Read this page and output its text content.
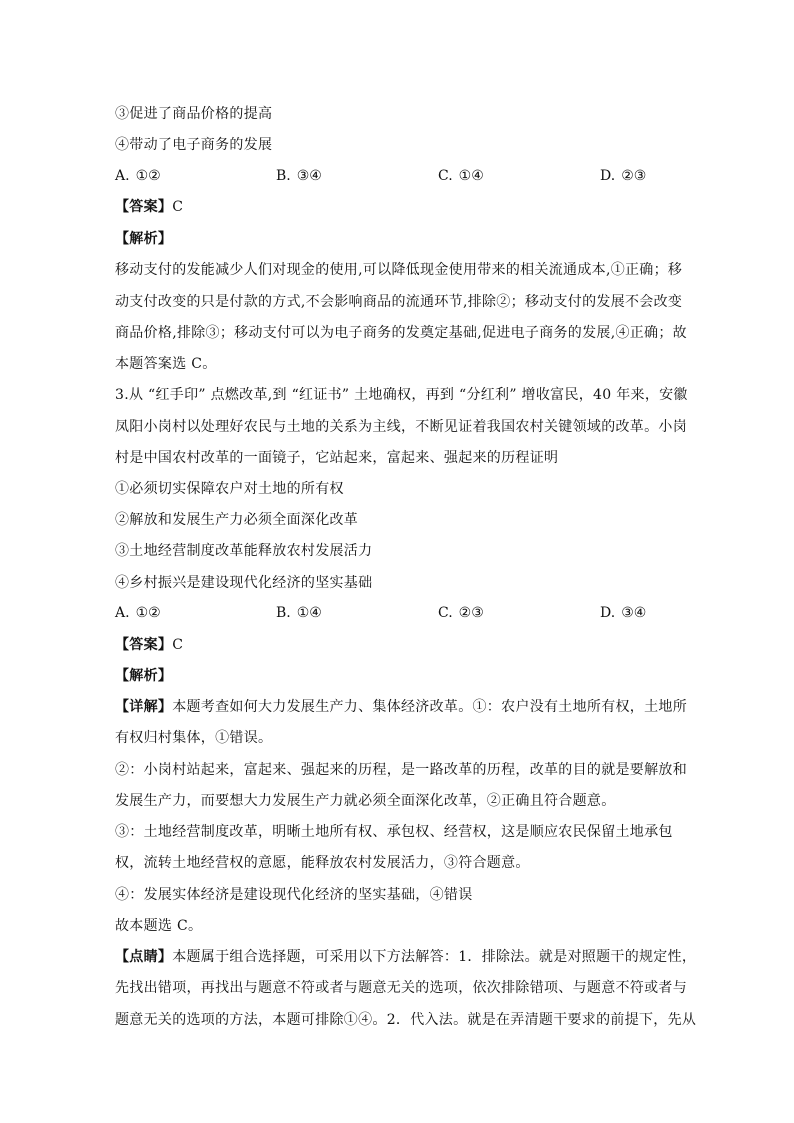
③促进了商品价格的提高
④带动了电子商务的发展
A. ①②	B. ③④	C. ①④	D. ②③
【答案】C
【解析】
移动支付的发能减少人们对现金的使用,可以降低现金使用带来的相关流通成本,①正确；移
动支付改变的只是付款的方式,不会影响商品的流通环节,排除②；移动支付的发展不会改变
商品价格,排除③；移动支付可以为电子商务的发奠定基础,促进电子商务的发展,④正确；故
本题答案选 C。
3.从 “红手印” 点燃改革,到 “红证书” 土地确权，再到 “分红利” 增收富民，40 年来，安徽
凤阳小岗村以处理好农民与土地的关系为主线，不断见证着我国农村关键领域的改革。小岗
村是中国农村改革的一面镜子，它站起来，富起来、强起来的历程证明
①必须切实保障农户对土地的所有权
②解放和发展生产力必须全面深化改革
③土地经营制度改革能释放农村发展活力
④乡村振兴是建设现代化经济的坚实基础
A. ①②	B. ①④	C. ②③	D. ③④
【答案】C
【解析】
【详解】本题考查如何大力发展生产力、集体经济改革。①：农户没有土地所有权，土地所
有权归村集体，①错误。
②：小岗村站起来，富起来、强起来的历程，是一路改革的历程，改革的目的就是要解放和
发展生产力，而要想大力发展生产力就必须全面深化改革，②正确且符合题意。
③：土地经营制度改革，明晰土地所有权、承包权、经营权，这是顺应农民保留土地承包
权，流转土地经营权的意愿，能释放农村发展活力，③符合题意。
④：发展实体经济是建设现代化经济的坚实基础，④错误
故本题选 C。
【点睛】本题属于组合选择题，可采用以下方法解答：1．排除法。就是对照题干的规定性，
先找出错项，再找出与题意不符或者与题意无关的选项，依次排除错项、与题意不符或者与
题意无关的选项的方法，本题可排除①④。2．代入法。就是在弄清题干要求的前提下，先从
